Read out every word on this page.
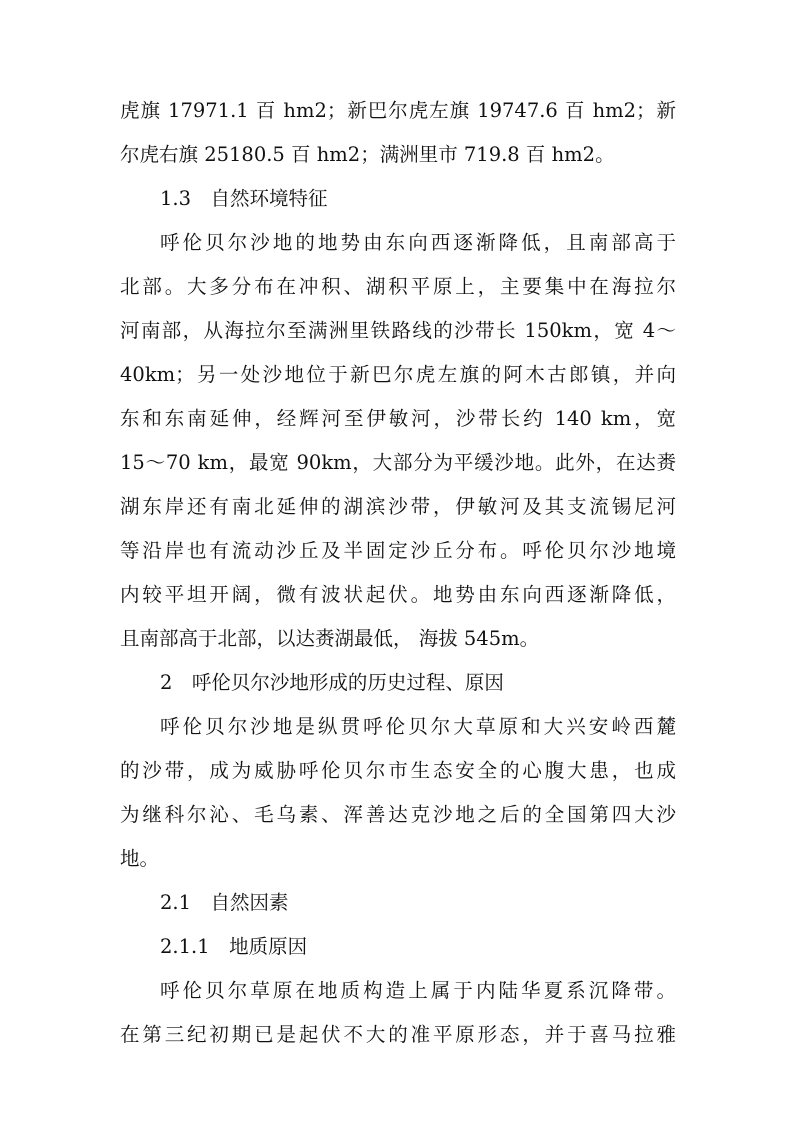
虎旗 17971.1 百 hm2；新巴尔虎左旗 19747.6 百 hm2；新
尔虎右旗 25180.5 百 hm2；满洲里市 719.8 百 hm2。
1.3　自然环境特征
呼伦贝尔沙地的地势由东向西逐渐降低，且南部高于
北部。大多分布在冲积、湖积平原上，主要集中在海拉尔
河南部，从海拉尔至满洲里铁路线的沙带长 150km，宽 4～
40km；另一处沙地位于新巴尔虎左旗的阿木古郎镇，并向
东和东南延伸，经辉河至伊敏河，沙带长约 140 km，宽
15～70 km，最宽 90km，大部分为平缓沙地。此外，在达赉
湖东岸还有南北延伸的湖滨沙带，伊敏河及其支流锡尼河
等沿岸也有流动沙丘及半固定沙丘分布。呼伦贝尔沙地境
内较平坦开阔，微有波状起伏。地势由东向西逐渐降低，
且南部高于北部，以达赉湖最低， 海拔 545m。
2　呼伦贝尔沙地形成的历史过程、原因
呼伦贝尔沙地是纵贯呼伦贝尔大草原和大兴安岭西麓
的沙带，成为威胁呼伦贝尔市生态安全的心腹大患，也成
为继科尔沁、毛乌素、浑善达克沙地之后的全国第四大沙
地。
2.1　自然因素
2.1.1　地质原因
呼伦贝尔草原在地质构造上属于内陆华夏系沉降带。
在第三纪初期已是起伏不大的准平原形态，并于喜马拉雅
